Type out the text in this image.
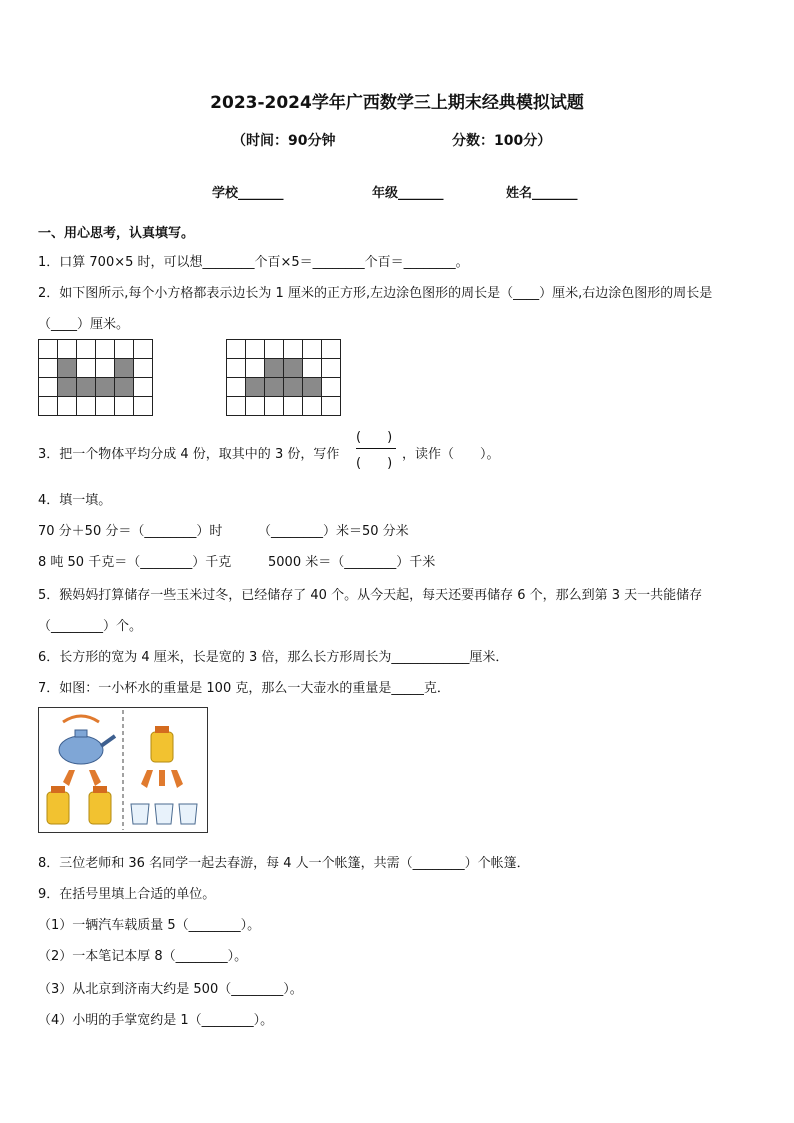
2023-2024学年广西数学三上期末经典模拟试题
（时间：90分钟	分数：100分）
学校_______	年级_______	姓名_______
一、用心思考，认真填写。
1．口算 700×5 时，可以想________个百×5＝________个百＝________。
2．如下图所示,每个小方格都表示边长为 1 厘米的正方形,左边涂色图形的周长是（____）厘米,右边涂色图形的周长是
（____）厘米。
3．把一个物体平均分成 4 份，取其中的 3 份，写作
(　　)
(　　)
，读作（　　）。
4．填一填。
70 分＋50 分＝（________）时	（________）米＝50 分米
8 吨 50 千克＝（________）千克	5000 米＝（________）千米
5．猴妈妈打算储存一些玉米过冬，已经储存了 40 个。从今天起，每天还要再储存 6 个，那么到第 3 天一共能储存
（________）个。
6．长方形的宽为 4 厘米，长是宽的 3 倍，那么长方形周长为____________厘米．
7．如图：一小杯水的重量是 100 克，那么一大壶水的重量是_____克．
8．三位老师和 36 名同学一起去春游，每 4 人一个帐篷，共需（________）个帐篷．
9．在括号里填上合适的单位。
（1）一辆汽车载质量 5（________）。
（2）一本笔记本厚 8（________）。
（3）从北京到济南大约是 500（________）。
（4）小明的手掌宽约是 1（________）。
